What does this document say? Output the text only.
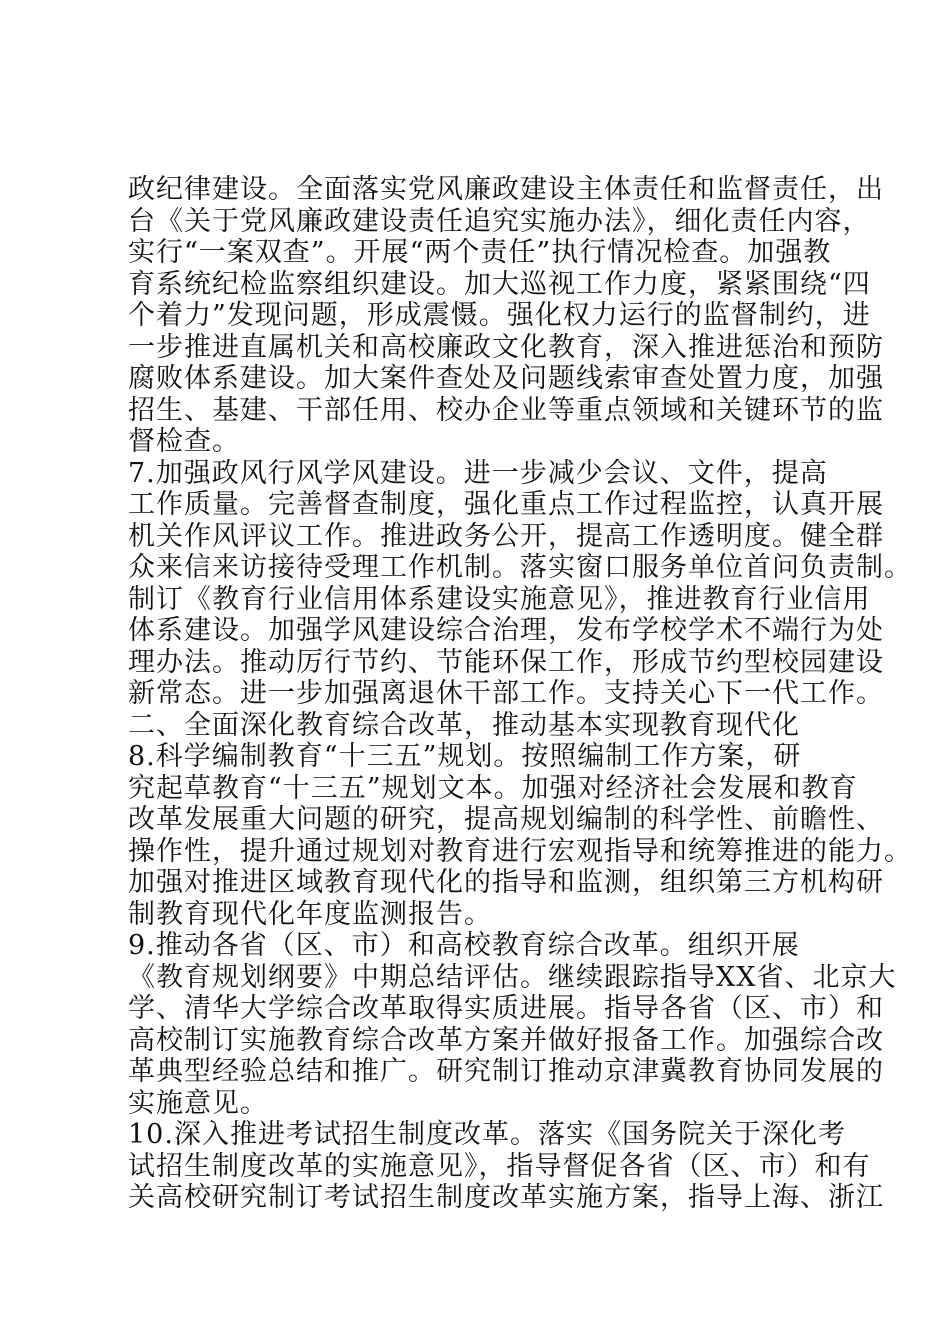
政纪律建设。全面落实党风廉政建设主体责任和监督责任，出
台《关于党风廉政建设责任追究实施办法》，细化责任内容，
实行“一案双查”。开展“两个责任”执行情况检查。加强教
育系统纪检监察组织建设。加大巡视工作力度，紧紧围绕“四
个着力”发现问题，形成震慑。强化权力运行的监督制约，进
一步推进直属机关和高校廉政文化教育，深入推进惩治和预防
腐败体系建设。加大案件查处及问题线索审查处置力度，加强
招生、基建、干部任用、校办企业等重点领域和关键环节的监
督检查。
7.加强政风行风学风建设。进一步减少会议、文件，提高
工作质量。完善督查制度，强化重点工作过程监控，认真开展
机关作风评议工作。推进政务公开，提高工作透明度。健全群
众来信来访接待受理工作机制。落实窗口服务单位首问负责制。
制订《教育行业信用体系建设实施意见》，推进教育行业信用
体系建设。加强学风建设综合治理，发布学校学术不端行为处
理办法。推动厉行节约、节能环保工作，形成节约型校园建设
新常态。进一步加强离退休干部工作。支持关心下一代工作。
二、全面深化教育综合改革，推动基本实现教育现代化
8.科学编制教育“十三五”规划。按照编制工作方案，研
究起草教育“十三五”规划文本。加强对经济社会发展和教育
改革发展重大问题的研究，提高规划编制的科学性、前瞻性、
操作性，提升通过规划对教育进行宏观指导和统筹推进的能力。
加强对推进区域教育现代化的指导和监测，组织第三方机构研
制教育现代化年度监测报告。
9.推动各省（区、市）和高校教育综合改革。组织开展
《教育规划纲要》中期总结评估。继续跟踪指导XX省、北京大
学、清华大学综合改革取得实质进展。指导各省（区、市）和
高校制订实施教育综合改革方案并做好报备工作。加强综合改
革典型经验总结和推广。研究制订推动京津冀教育协同发展的
实施意见。
10.深入推进考试招生制度改革。落实《国务院关于深化考
试招生制度改革的实施意见》，指导督促各省（区、市）和有
关高校研究制订考试招生制度改革实施方案，指导上海、浙江
